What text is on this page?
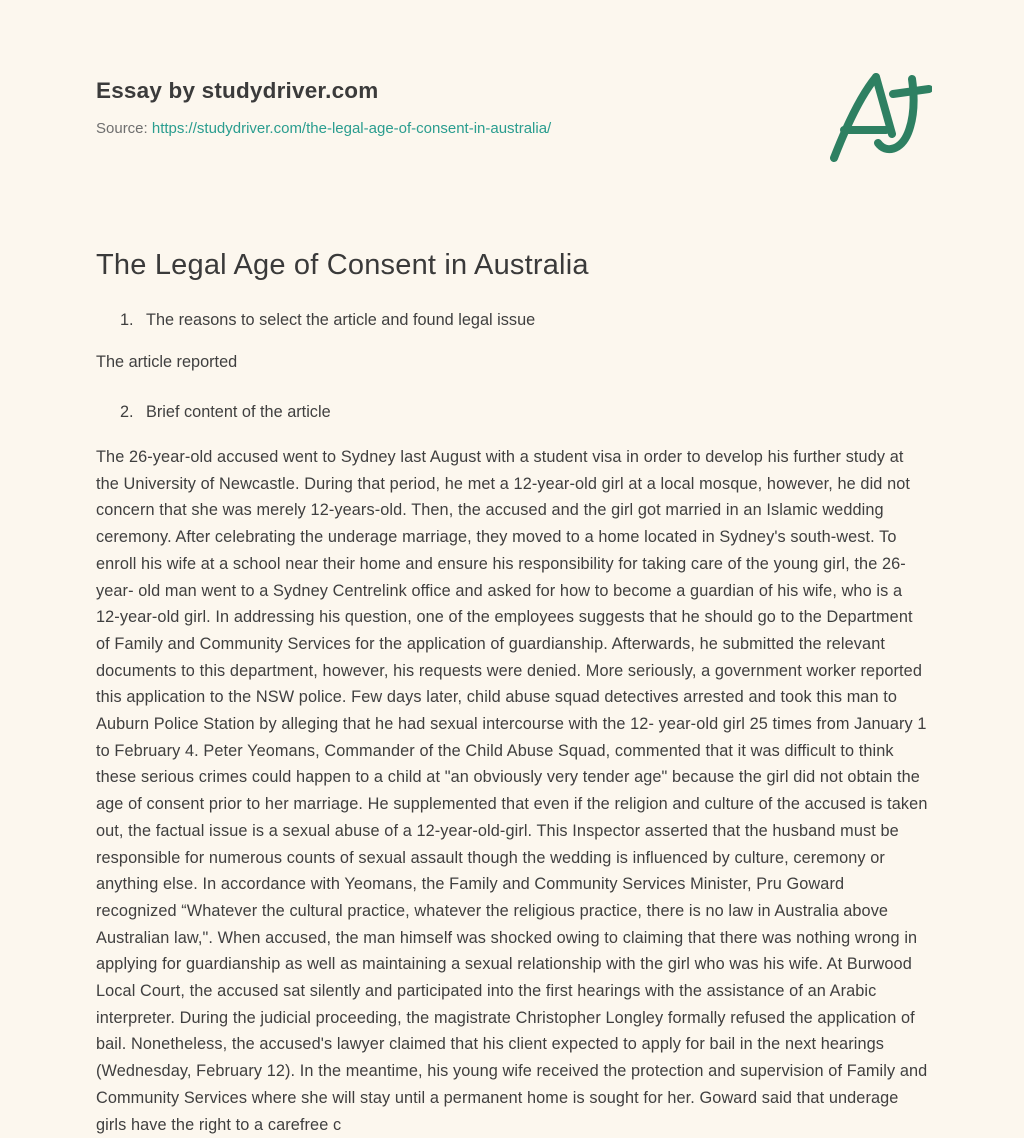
Essay by studydriver.com
Source: https://studydriver.com/the-legal-age-of-consent-in-australia/
The Legal Age of Consent in Australia
1. The reasons to select the article and found legal issue
The article reported
2. Brief content of the article

The 26-year-old accused went to Sydney last August with a student visa in order to develop his further study at the University of Newcastle. During that period, he met a 12-year-old girl at a local mosque, however, he did not concern that she was merely 12-years-old. Then, the accused and the girl got married in an Islamic wedding ceremony. After celebrating the underage marriage, they moved to a home located in Sydney's south-west. To enroll his wife at a school near their home and ensure his responsibility for taking care of the young girl, the 26-year- old man went to a Sydney Centrelink office and asked for how to become a guardian of his wife, who is a 12-year-old girl. In addressing his question, one of the employees suggests that he should go to the Department of Family and Community Services for the application of guardianship. Afterwards, he submitted the relevant documents to this department, however, his requests were denied. More seriously, a government worker reported this application to the NSW police. Few days later, child abuse squad detectives arrested and took this man to Auburn Police Station by alleging that he had sexual intercourse with the 12- year-old girl 25 times from January 1 to February 4. Peter Yeomans, Commander of the Child Abuse Squad, commented that it was difficult to think these serious crimes could happen to a child at "an obviously very tender age" because the girl did not obtain the age of consent prior to her marriage. He supplemented that even if the religion and culture of the accused is taken out, the factual issue is a sexual abuse of a 12-year-old-girl. This Inspector asserted that the husband must be responsible for numerous counts of sexual assault though the wedding is influenced by culture, ceremony or anything else. In accordance with Yeomans, the Family and Community Services Minister, Pru Goward recognized “Whatever the cultural practice, whatever the religious practice, there is no law in Australia above Australian law,". When accused, the man himself was shocked owing to claiming that there was nothing wrong in applying for guardianship as well as maintaining a sexual relationship with the girl who was his wife. At Burwood Local Court, the accused sat silently and participated into the first hearings with the assistance of an Arabic interpreter. During the judicial proceeding, the magistrate Christopher Longley formally refused the application of bail. Nonetheless, the accused's lawyer claimed that his client expected to apply for bail in the next hearings (Wednesday, February 12). In the meantime, his young wife received the protection and supervision of Family and Community Services where she will stay until a permanent home is sought for her. Goward said that underage girls have the right to a carefree c
